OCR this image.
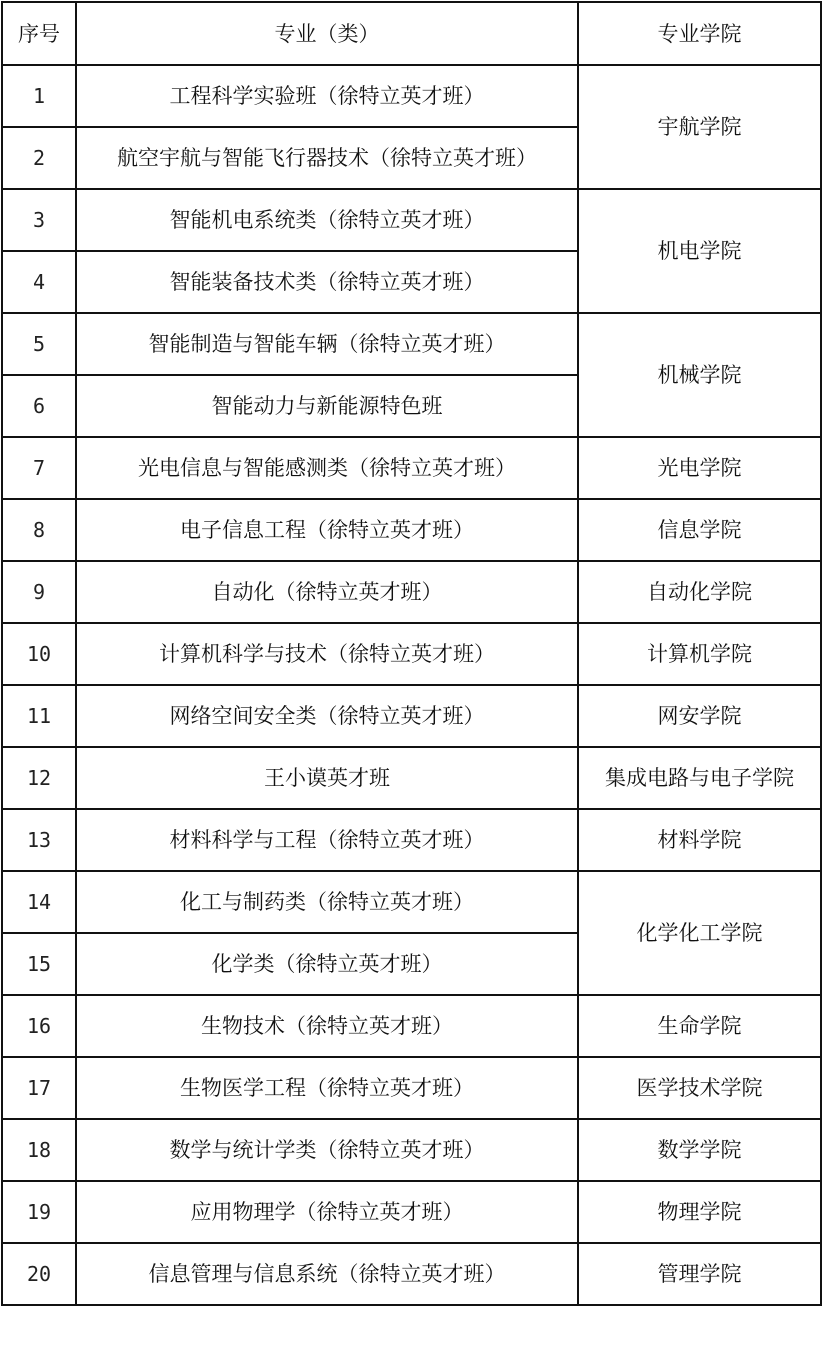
序号	专业（类）	专业学院
1	工程科学实验班（徐特立英才班）	宇航学院
2	航空宇航与智能飞行器技术（徐特立英才班）	
3	智能机电系统类（徐特立英才班）	机电学院
4	智能装备技术类（徐特立英才班）	
5	智能制造与智能车辆（徐特立英才班）	机械学院
6	智能动力与新能源特色班	
7	光电信息与智能感测类（徐特立英才班）	光电学院
8	电子信息工程（徐特立英才班）	信息学院
9	自动化（徐特立英才班）	自动化学院
10	计算机科学与技术（徐特立英才班）	计算机学院
11	网络空间安全类（徐特立英才班）	网安学院
12	王小谟英才班	集成电路与电子学院
13	材料科学与工程（徐特立英才班）	材料学院
14	化工与制药类（徐特立英才班）	化学化工学院
15	化学类（徐特立英才班）	
16	生物技术（徐特立英才班）	生命学院
17	生物医学工程（徐特立英才班）	医学技术学院
18	数学与统计学类（徐特立英才班）	数学学院
19	应用物理学（徐特立英才班）	物理学院
20	信息管理与信息系统（徐特立英才班）	管理学院
